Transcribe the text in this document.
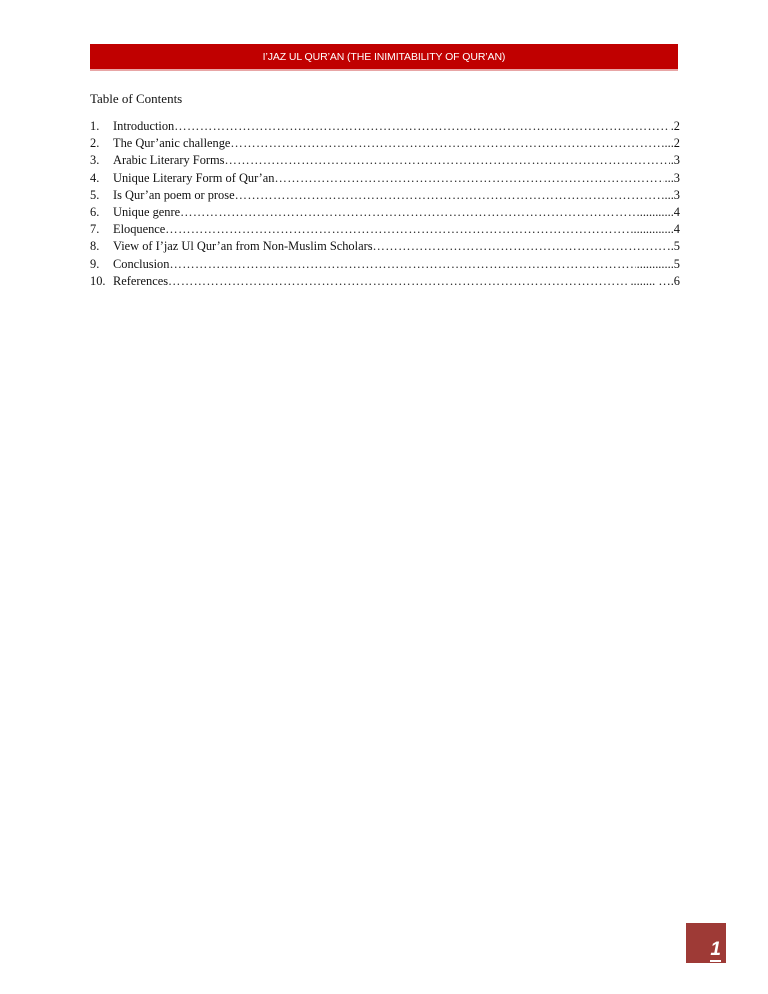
I’JAZ UL QUR’AN (THE INIMITABILITY OF QUR’AN)
Table of Contents
1.	Introduction ……………………………………………………………………………………………………………………………………………………………………………………………	.2
2.	The Qur’anic challenge ……………………………………………………………………………………………………………………………………………………………………………………………	...2
3.	Arabic Literary Forms ……………………………………………………………………………………………………………………………………………………………………………………………	.3
4.	Unique Literary Form of Qur’an ……………………………………………………………………………………………………………………………………………………………………………………………	...3
5.	Is Qur’an poem or prose ……………………………………………………………………………………………………………………………………………………………………………………………	...3
6.	Unique genre ……………………………………………………………………………………………………………………………………………………………………………………………	...........4
7.	Eloquence ……………………………………………………………………………………………………………………………………………………………………………………………	.............4
8.	View of I’jaz Ul Qur’an from Non-Muslim Scholars ……………………………………………………………………………………………………………………………………………………………………………………………	.5
9.	Conclusion ……………………………………………………………………………………………………………………………………………………………………………………………	............5
10. References ……………………………………………………………………………………………………………………………………………………………………………………………	........ ….6
1
